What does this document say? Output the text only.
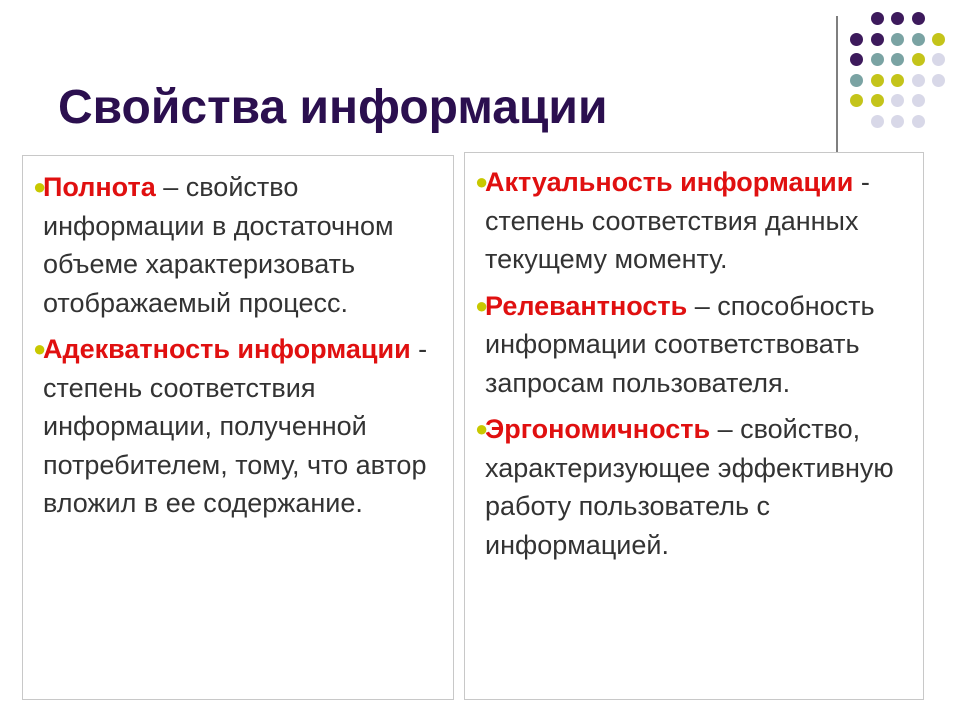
Свойства информации
●
Полнота – свойство информации в достаточном объеме характеризовать отображаемый процесс.
●
Адекватность информации - степень соответствия информации, полученной потребителем, тому, что автор вложил в ее содержание.
●
Актуальность информации - степень соответствия данных текущему моменту.
●
Релевантность – способность информации соответствовать запросам пользователя.
●
Эргономичность – свойство, характеризующее эффективную работу пользователь с информацией.
